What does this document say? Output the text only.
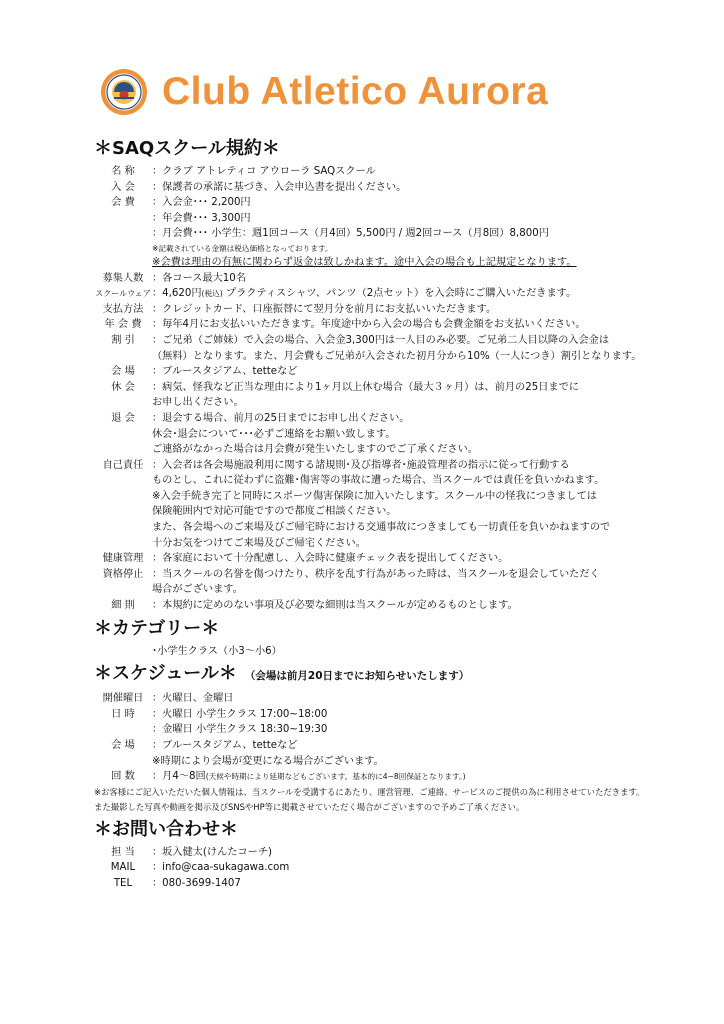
Club Atletico Aurora
＊SAQスクール規約＊
名 称	：クラブ アトレティコ アウローラ SAQスクール
入 会	：保護者の承諾に基づき、入会申込書を提出ください。
会 費	：入会金･･･ 2,200円
：年会費･･･ 3,300円
：月会費･･･ 小学生：週1回コース（月4回）5,500円 / 週2回コース（月8回）8,800円
※記載されている金額は税込価格となっております。
※会費は理由の有無に関わらず返金は致しかねます。途中入会の場合も上記規定となります。
募集人数 ：各コース最大10名
スクールウェア ：4,620円(税込) プラクティスシャツ、パンツ（2点セット）を入会時にご購入いただきます。
支払方法 ：クレジットカード、口座振替にて翌月分を前月にお支払いいただきます。
年 会 費	：毎年4月にお支払いいただきます。年度途中から入会の場合も会費金額をお支払いください。
割 引	：ご兄弟（ご姉妹）で入会の場合、入会金3,300円は一人目のみ必要。ご兄弟二人目以降の入会金は
（無料）となります。また、月会費もご兄弟が入会された初月分から10%（一人につき）割引となります。
会 場	：ブルースタジアム、tetteなど
休 会	：病気、怪我など正当な理由により1ヶ月以上休む場合（最大３ヶ月）は、前月の25日までに
お申し出ください。
退 会	：退会する場合、前月の25日までにお申し出ください。
休会･退会について･･･必ずご連絡をお願い致します。
ご連絡がなかった場合は月会費が発生いたしますのでご了承ください。
自己責任 ：入会者は各会場施設利用に関する諸規則･及び指導者･施設管理者の指示に従って行動する
ものとし、これに従わずに盗難･傷害等の事故に遭った場合、当スクールでは責任を負いかねます。
※入会手続き完了と同時にスポーツ傷害保険に加入いたします。スクール中の怪我につきましては
保険範囲内で対応可能ですので都度ご相談ください。
また、各会場へのご来場及びご帰宅時における交通事故につきましても一切責任を負いかねますので
十分お気をつけてご来場及びご帰宅ください。
健康管理 ：各家庭において十分配慮し、入会時に健康チェック表を提出してください。
資格停止 ：当スクールの名誉を傷つけたり、秩序を乱す行為があった時は、当スクールを退会していただく
場合がございます。
細 則	：本規約に定めのない事項及び必要な細則は当スクールが定めるものとします。
＊カテゴリー＊
･小学生クラス（小3～小6）
＊スケジュール＊ （会場は前月20日までにお知らせいたします）
開催曜日 ：火曜日、金曜日
日 時	：火曜日 小学生クラス 17:00~18:00
：金曜日 小学生クラス 18:30~19:30
会 場	：ブルースタジアム、tetteなど
※時期により会場が変更になる場合がございます。
回 数	：月4～8回(天候や時期により延期などもございます。基本的に4~8回保証となります。)
※お客様にご記入いただいた個人情報は、当スクールを受講するにあたり、運営管理、ご連絡、サービスのご提供の為に利用させていただきます。
また撮影した写真や動画を掲示及びSNSやHP等に掲載させていただく場合がございますので予めご了承ください。
＊お問い合わせ＊
担 当	：坂入健太(けんたコーチ)
MAIL	：info@caa-sukagawa.com
TEL	：080-3699-1407
